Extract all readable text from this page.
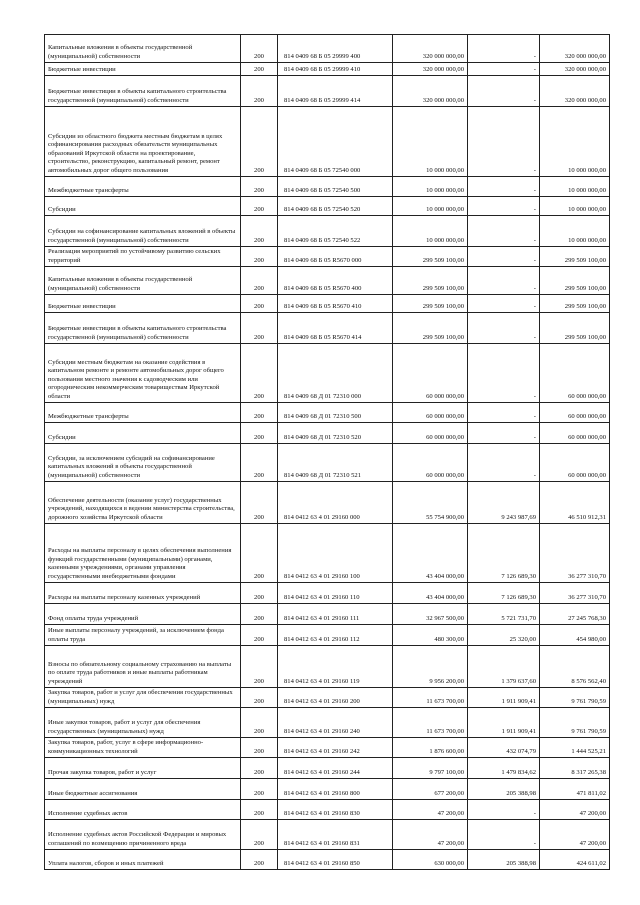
Капитальные вложения в объекты государственной (муниципальной) собственности	200	814 0409 68 Б 05 29999 400	320 000 000,00	-	320 000 000,00
Бюджетные инвестиции	200	814 0409 68 Б 05 29999 410	320 000 000,00	-	320 000 000,00
Бюджетные инвестиции в объекты капитального строительства государственной (муниципальной) собственности	200	814 0409 68 Б 05 29999 414	320 000 000,00	-	320 000 000,00
Субсидии из областного бюджета местным бюджетам в целях софинансирования расходных обязательств муниципальных образований Иркутской области на проектирование, строительство, реконструкцию, капитальный ремонт, ремонт автомобильных дорог общего пользования	200	814 0409 68 Б 05 72540 000	10 000 000,00	-	10 000 000,00
Межбюджетные трансферты	200	814 0409 68 Б 05 72540 500	10 000 000,00	-	10 000 000,00
Субсидии	200	814 0409 68 Б 05 72540 520	10 000 000,00	-	10 000 000,00
Субсидии на софинансирование капитальных вложений в объекты государственной (муниципальной) собственности	200	814 0409 68 Б 05 72540 522	10 000 000,00	-	10 000 000,00
Реализация мероприятий по устойчивому развитию сельских территорий	200	814 0409 68 Б 05 R5670 000	299 509 100,00	-	299 509 100,00
Капитальные вложения в объекты государственной (муниципальной) собственности	200	814 0409 68 Б 05 R5670 400	299 509 100,00	-	299 509 100,00
Бюджетные инвестиции	200	814 0409 68 Б 05 R5670 410	299 509 100,00	-	299 509 100,00
Бюджетные инвестиции в объекты капитального строительства государственной (муниципальной) собственности	200	814 0409 68 Б 05 R5670 414	299 509 100,00	-	299 509 100,00
Субсидии местным бюджетам на оказание содействия в капитальном ремонте и ремонте автомобильных дорог общего пользования местного значения к садоводческим или огородническим некоммерческим товариществам Иркутской области	200	814 0409 68 Д 01 72310 000	60 000 000,00	-	60 000 000,00
Межбюджетные трансферты	200	814 0409 68 Д 01 72310 500	60 000 000,00	-	60 000 000,00
Субсидии	200	814 0409 68 Д 01 72310 520	60 000 000,00	-	60 000 000,00
Субсидии, за исключением субсидий на софинансирование капитальных вложений в объекты государственной (муниципальной) собственности	200	814 0409 68 Д 01 72310 521	60 000 000,00	-	60 000 000,00
Обеспечение деятельности (оказание услуг) государственных учреждений, находящихся в ведении министерства строительства, дорожного хозяйства Иркутской области	200	814 0412 63 4 01 29160 000	55 754 900,00	9 243 987,69	46 510 912,31
Расходы на выплаты персоналу в целях обеспечения выполнения функций государственными (муниципальными) органами, казенными учреждениями, органами управления государственными внебюджетными фондами	200	814 0412 63 4 01 29160 100	43 404 000,00	7 126 689,30	36 277 310,70
Расходы на выплаты персоналу казенных учреждений	200	814 0412 63 4 01 29160 110	43 404 000,00	7 126 689,30	36 277 310,70
Фонд оплаты труда учреждений	200	814 0412 63 4 01 29160 111	32 967 500,00	5 721 731,70	27 245 768,30
Иные выплаты персоналу учреждений, за исключением фонда оплаты труда	200	814 0412 63 4 01 29160 112	480 300,00	25 320,00	454 980,00
Взносы по обязательному социальному страхованию на выплаты по оплате труда работников и иные выплаты работникам учреждений	200	814 0412 63 4 01 29160 119	9 956 200,00	1 379 637,60	8 576 562,40
Закупка товаров, работ и услуг для обеспечения государственных (муниципальных) нужд	200	814 0412 63 4 01 29160 200	11 673 700,00	1 911 909,41	9 761 790,59
Иные закупки товаров, работ и услуг для обеспечения государственных (муниципальных) нужд	200	814 0412 63 4 01 29160 240	11 673 700,00	1 911 909,41	9 761 790,59
Закупка товаров, работ, услуг в сфере информационно-коммуникационных технологий	200	814 0412 63 4 01 29160 242	1 876 600,00	432 074,79	1 444 525,21
Прочая закупка товаров, работ и услуг	200	814 0412 63 4 01 29160 244	9 797 100,00	1 479 834,62	8 317 265,38
Иные бюджетные ассигнования	200	814 0412 63 4 01 29160 800	677 200,00	205 388,98	471 811,02
Исполнение судебных актов	200	814 0412 63 4 01 29160 830	47 200,00	-	47 200,00
Исполнение судебных актов Российской Федерации и мировых соглашений по возмещению причиненного вреда	200	814 0412 63 4 01 29160 831	47 200,00	-	47 200,00
Уплата налогов, сборов и иных платежей	200	814 0412 63 4 01 29160 850	630 000,00	205 388,98	424 611,02
